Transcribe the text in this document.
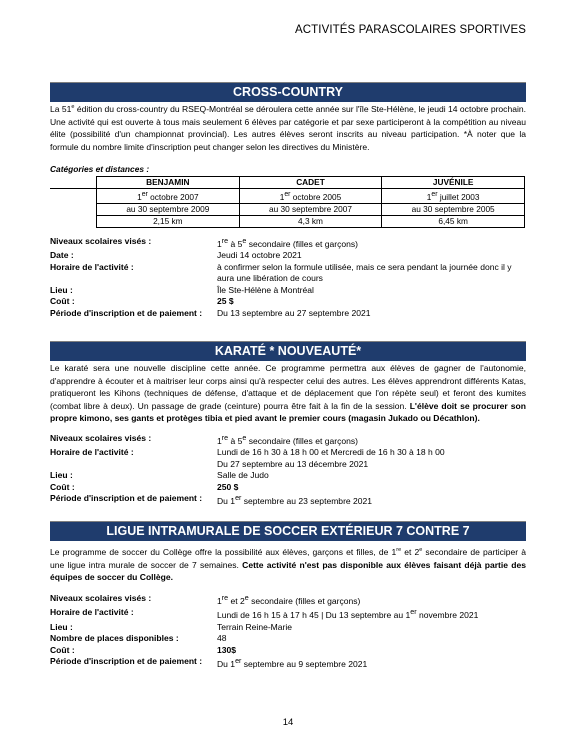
ACTIVITÉS PARASCOLAIRES SPORTIVES
CROSS-COUNTRY
La 51e édition du cross-country du RSEQ-Montréal se déroulera cette année sur l'île Ste-Hélène, le jeudi 14 octobre prochain. Une activité qui est ouverte à tous mais seulement 6 élèves par catégorie et par sexe participeront à la compétition au niveau élite (possibilité d'un championnat provincial). Les autres élèves seront inscrits au niveau participation. *À noter que la formule du nombre limite d'inscription peut changer selon les directives du Ministère.
Catégories et distances :
	BENJAMIN	CADET	JUVÉNILE
	1er octobre 2007	1er octobre 2005	1er juillet 2003
	au 30 septembre 2009	au 30 septembre 2007	au 30 septembre 2005
	2,15 km	4,3 km	6,45 km
Niveaux scolaires visés :	1re à 5e secondaire (filles et garçons)
Date :	Jeudi 14 octobre 2021
Horaire de l'activité :	à confirmer selon la formule utilisée, mais ce sera pendant la journée donc il y aura une libération de cours
Lieu :	Île Ste-Hélène à Montréal
Coût :	25 $
Période d'inscription et de paiement : Du 13 septembre au 27 septembre 2021
KARATÉ * NOUVEAUTÉ*
Le karaté sera une nouvelle discipline cette année. Ce programme permettra aux élèves de gagner de l'autonomie, d'apprendre à écouter et à maitriser leur corps ainsi qu'à respecter celui des autres. Les élèves apprendront différents Katas, pratiqueront les Kihons (techniques de défense, d'attaque et de déplacement que l'on répète seul) et feront des kumites (combat libre à deux). Un passage de grade (ceinture) pourra être fait à la fin de la session. L'élève doit se procurer son propre kimono, ses gants et protèges tibia et pied avant le premier cours (magasin Jukado ou Décathlon).
Niveaux scolaires visés :	1re à 5e secondaire (filles et garçons)
Horaire de l'activité :	Lundi de 16 h 30 à 18 h 00 et Mercredi de 16 h 30 à 18 h 00
Du 27 septembre au 13 décembre 2021
Lieu :	Salle de Judo
Coût :	250 $
Période d'inscription et de paiement : Du 1er septembre au 23 septembre 2021
LIGUE INTRAMURALE DE SOCCER EXTÉRIEUR 7 CONTRE 7
Le programme de soccer du Collège offre la possibilité aux élèves, garçons et filles, de 1re et 2e secondaire de participer à une ligue intra murale de soccer de 7 semaines. Cette activité n'est pas disponible aux élèves faisant déjà partie des équipes de soccer du Collège.
Niveaux scolaires visés :	1re et 2e secondaire (filles et garçons)
Horaire de l'activité :	Lundi de 16 h 15 à 17 h 45 | Du 13 septembre au 1er novembre 2021
Lieu :	Terrain Reine-Marie
Nombre de places disponibles :	48
Coût :	130$
Période d'inscription et de paiement : Du 1er septembre au 9 septembre 2021
14
